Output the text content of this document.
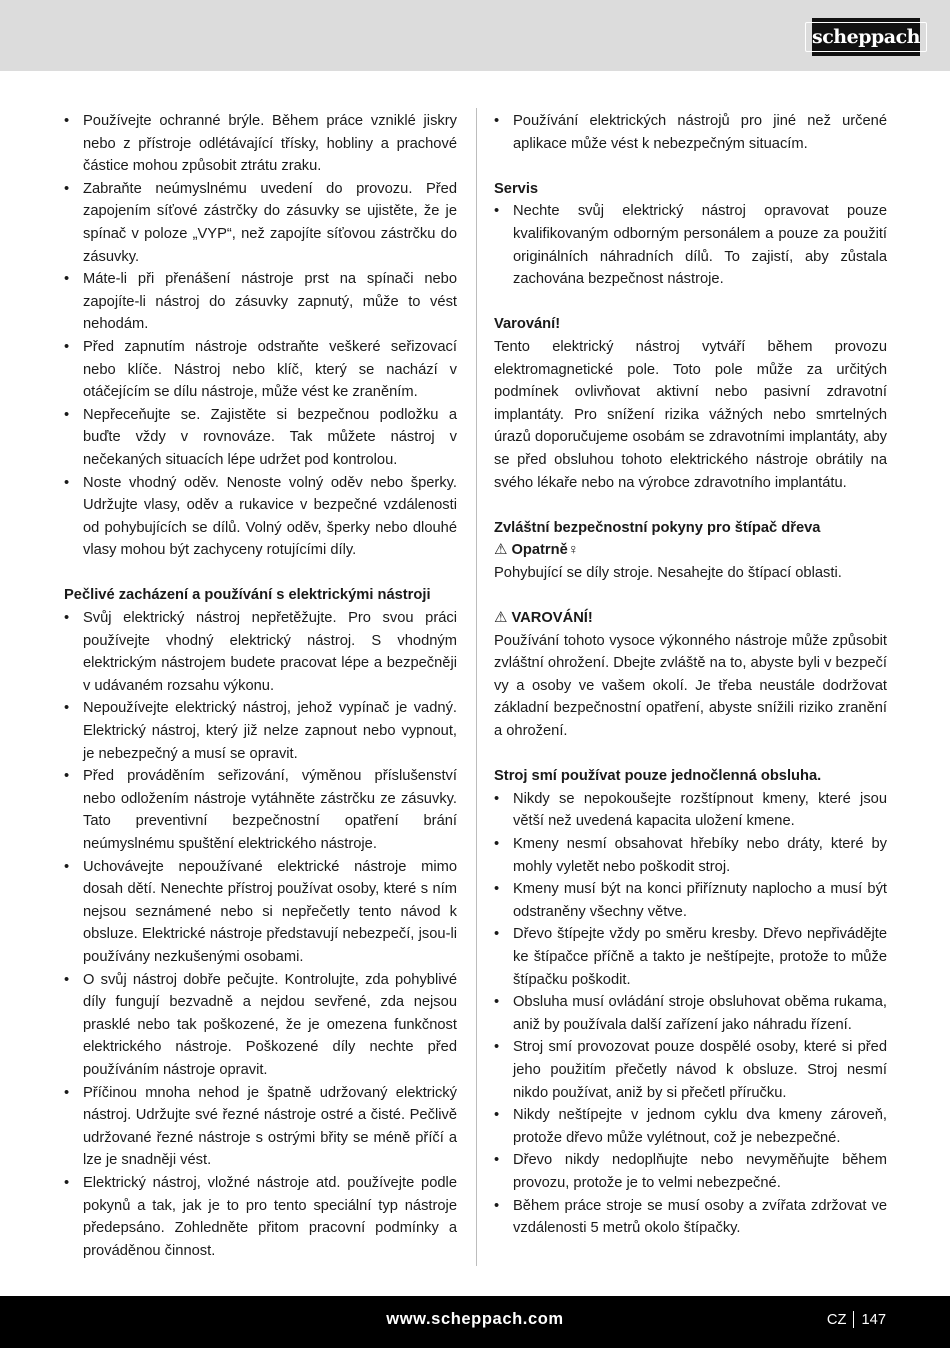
scheppach
• Používejte ochranné brýle. Během práce vzniklé jiskry nebo z přístroje odlétávající třísky, hobliny a prachové částice mohou způsobit ztrátu zraku.
• Zabraňte neúmyslnému uvedení do provozu. Před zapojením síťové zástrčky do zásuvky se ujistěte, že je spínač v poloze „VYP“, než zapojíte síťovou zástrčku do zásuvky.
• Máte-li při přenášení nástroje prst na spínači nebo zapojíte-li nástroj do zásuvky zapnutý, může to vést nehodám.
• Před zapnutím nástroje odstraňte veškeré seřizovací nebo klíče. Nástroj nebo klíč, který se nachází v otáčejícím se dílu nástroje, může vést ke zraněním.
• Nepřeceňujte se. Zajistěte si bezpečnou podložku a buďte vždy v rovnováze. Tak můžete nástroj v nečekaných situacích lépe udržet pod kontrolou.
• Noste vhodný oděv. Nenoste volný oděv nebo šperky. Udržujte vlasy, oděv a rukavice v bezpečné vzdálenosti od pohybujících se dílů. Volný oděv, šperky nebo dlouhé vlasy mohou být zachyceny rotujícími díly.
Pečlivé zacházení a používání s elektrickými nástroji
• Svůj elektrický nástroj nepřetěžujte. Pro svou práci používejte vhodný elektrický nástroj. S vhodným elektrickým nástrojem budete pracovat lépe a bezpečněji v udávaném rozsahu výkonu.
• Nepoužívejte elektrický nástroj, jehož vypínač je vadný. Elektrický nástroj, který již nelze zapnout nebo vypnout, je nebezpečný a musí se opravit.
• Před prováděním seřizování, výměnou příslušenství nebo odložením nástroje vytáhněte zástrčku ze zásuvky. Tato preventivní bezpečnostní opatření brání neúmyslnému spuštění elektrického nástroje.
• Uchovávejte nepoužívané elektrické nástroje mimo dosah dětí. Nenechte přístroj používat osoby, které s ním nejsou seznámené nebo si nepřečetly tento návod k obsluze. Elektrické nástroje představují nebezpečí, jsou-li používány nezkušenými osobami.
• O svůj nástroj dobře pečujte. Kontrolujte, zda pohyblivé díly fungují bezvadně a nejdou sevřené, zda nejsou prasklé nebo tak poškozené, že je omezena funkčnost elektrického nástroje. Poškozené díly nechte před používáním nástroje opravit.
• Příčinou mnoha nehod je špatně udržovaný elektrický nástroj. Udržujte své řezné nástroje ostré a čisté. Pečlivě udržované řezné nástroje s ostrými břity se méně příčí a lze je snadněji vést.
• Elektrický nástroj, vložné nástroje atd. používejte podle pokynů a tak, jak je to pro tento speciální typ nástroje předepsáno. Zohledněte přitom pracovní podmínky a prováděnou činnost.
• Používání elektrických nástrojů pro jiné než určené aplikace může vést k nebezpečným situacím.
Servis
• Nechte svůj elektrický nástroj opravovat pouze kvalifikovaným odborným personálem a pouze za použití originálních náhradních dílů. To zajistí, aby zůstala zachována bezpečnost nástroje.
Varování!

Tento elektrický nástroj vytváří během provozu elektromagnetické pole. Toto pole může za určitých podmínek ovlivňovat aktivní nebo pasivní zdravotní implantáty. Pro snížení rizika vážných nebo smrtelných úrazů doporučujeme osobám se zdravotními implantáty, aby se před obsluhou tohoto elektrického nástroje obrátily na svého lékaře nebo na výrobce zdravotního implantátu.

Zvláštní bezpečnostní pokyny pro štípač dřeva
⚠ Opatrně♀

Pohybující se díly stroje. Nesahejte do štípací oblasti.

⚠ VAROVÁNÍ!

Používání tohoto vysoce výkonného nástroje může způsobit zvláštní ohrožení. Dbejte zvláště na to, abyste byli v bezpečí vy a osoby ve vašem okolí. Je třeba neustále dodržovat základní bezpečnostní opatření, abyste snížili riziko zranění a ohrožení.

Stroj smí používat pouze jednočlenná obsluha.
• Nikdy se nepokoušejte rozštípnout kmeny, které jsou větší než uvedená kapacita uložení kmene.
• Kmeny nesmí obsahovat hřebíky nebo dráty, které by mohly vyletět nebo poškodit stroj.
• Kmeny musí být na konci přiříznuty naplocho a musí být odstraněny všechny větve.
• Dřevo štípejte vždy po směru kresby. Dřevo nepřivádějte ke štípačce příčně a takto je neštípejte, protože to může štípačku poškodit.
• Obsluha musí ovládání stroje obsluhovat oběma rukama, aniž by používala další zařízení jako náhradu řízení.
• Stroj smí provozovat pouze dospělé osoby, které si před jeho použitím přečetly návod k obsluze. Stroj nesmí nikdo používat, aniž by si přečetl příručku.
• Nikdy neštípejte v jednom cyklu dva kmeny zároveň, protože dřevo může vylétnout, což je nebezpečné.
• Dřevo nikdy nedoplňujte nebo nevyměňujte během provozu, protože je to velmi nebezpečné.
• Během práce stroje se musí osoby a zvířata zdržovat ve vzdálenosti 5 metrů okolo štípačky.
www.scheppach.com	CZ 147
